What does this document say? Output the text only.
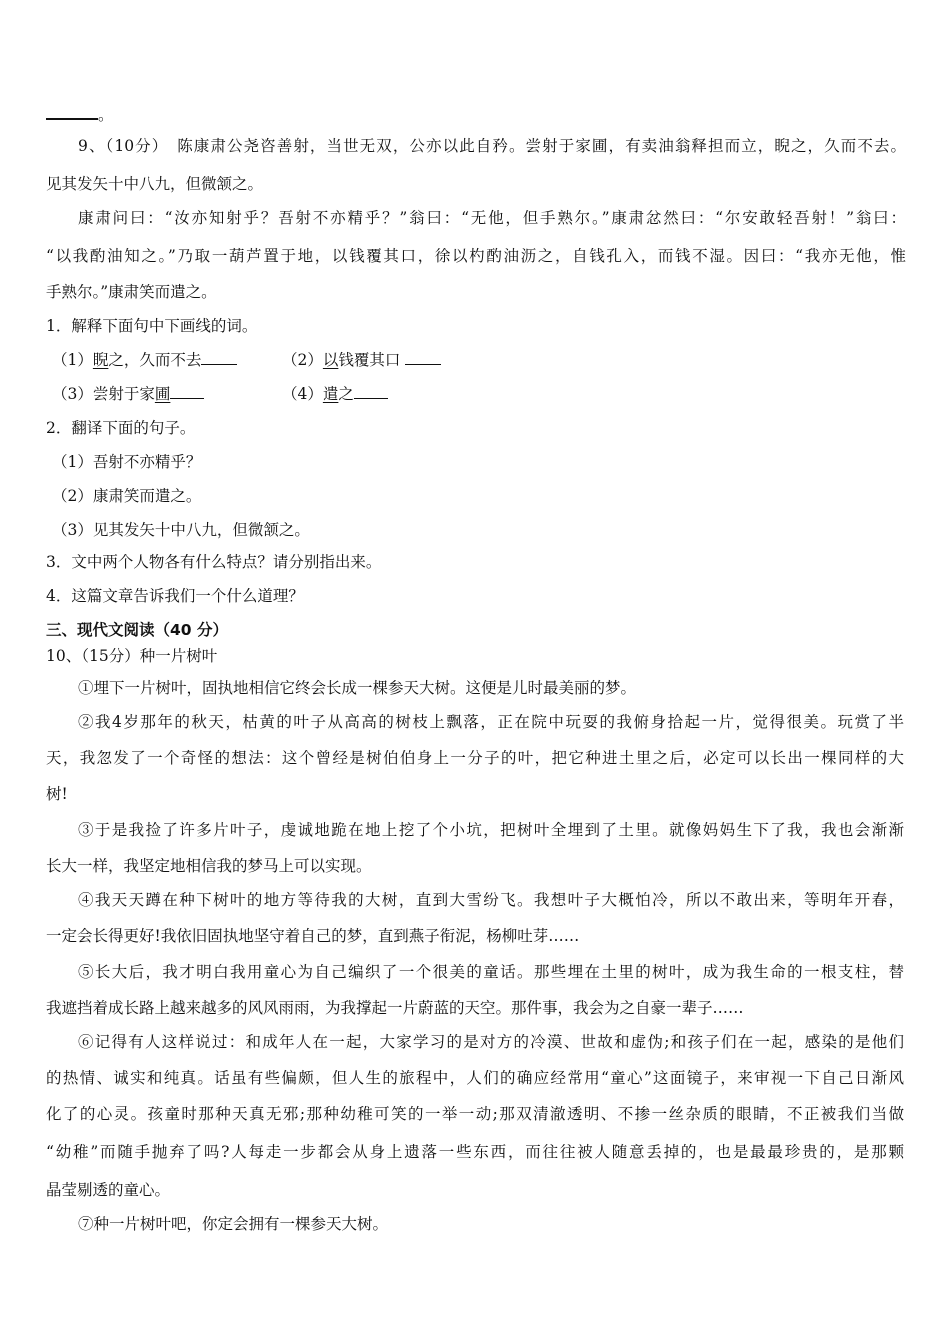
。
9、（10分）　陈康肃公尧咨善射，当世无双，公亦以此自矜。尝射于家圃，有卖油翁释担而立，睨之，久而不去。
见其发矢十中八九，但微颔之。
康肃问曰：“汝亦知射乎？吾射不亦精乎？”翁曰：“无他，但手熟尔。”康肃忿然曰：“尔安敢轻吾射！”翁曰：
“以我酌油知之。”乃取一葫芦置于地，以钱覆其口，徐以杓酌油沥之，自钱孔入，而钱不湿。因曰：“我亦无他，惟
手熟尔。”康肃笑而遣之。
1．解释下面句中下画线的词。
（1）睨之，久而不去	（2）以钱覆其口
（3）尝射于家圃	（4）遣之
2．翻译下面的句子。
（1）吾射不亦精乎？
（2）康肃笑而遣之。
（3）见其发矢十中八九，但微颔之。
3．文中两个人物各有什么特点？请分别指出来。
4．这篇文章告诉我们一个什么道理？
三、现代文阅读（40 分）
10、（15分）种一片树叶
①埋下一片树叶，固执地相信它终会长成一棵参天大树。这便是儿时最美丽的梦。
②我4岁那年的秋天，枯黄的叶子从高高的树枝上飘落，正在院中玩耍的我俯身拾起一片，觉得很美。玩赏了半
天，我忽发了一个奇怪的想法：这个曾经是树伯伯身上一分子的叶，把它种进土里之后，必定可以长出一棵同样的大
树!
③于是我捡了许多片叶子，虔诚地跪在地上挖了个小坑，把树叶全埋到了土里。就像妈妈生下了我，我也会渐渐
长大一样，我坚定地相信我的梦马上可以实现。
④我天天蹲在种下树叶的地方等待我的大树，直到大雪纷飞。我想叶子大概怕冷，所以不敢出来，等明年开春，
一定会长得更好!我依旧固执地坚守着自己的梦，直到燕子衔泥，杨柳吐芽……
⑤长大后，我才明白我用童心为自己编织了一个很美的童话。那些埋在土里的树叶，成为我生命的一根支柱，替
我遮挡着成长路上越来越多的风风雨雨，为我撑起一片蔚蓝的天空。那件事，我会为之自豪一辈子……
⑥记得有人这样说过：和成年人在一起，大家学习的是对方的冷漠、世故和虚伪;和孩子们在一起，感染的是他们
的热情、诚实和纯真。话虽有些偏颇，但人生的旅程中，人们的确应经常用“童心”这面镜子，来审视一下自己日渐风
化了的心灵。孩童时那种天真无邪;那种幼稚可笑的一举一动;那双清澈透明、不掺一丝杂质的眼睛，不正被我们当做
“幼稚”而随手抛弃了吗?人每走一步都会从身上遗落一些东西，而往往被人随意丢掉的，也是最最珍贵的，是那颗
晶莹剔透的童心。
⑦种一片树叶吧，你定会拥有一棵参天大树。
